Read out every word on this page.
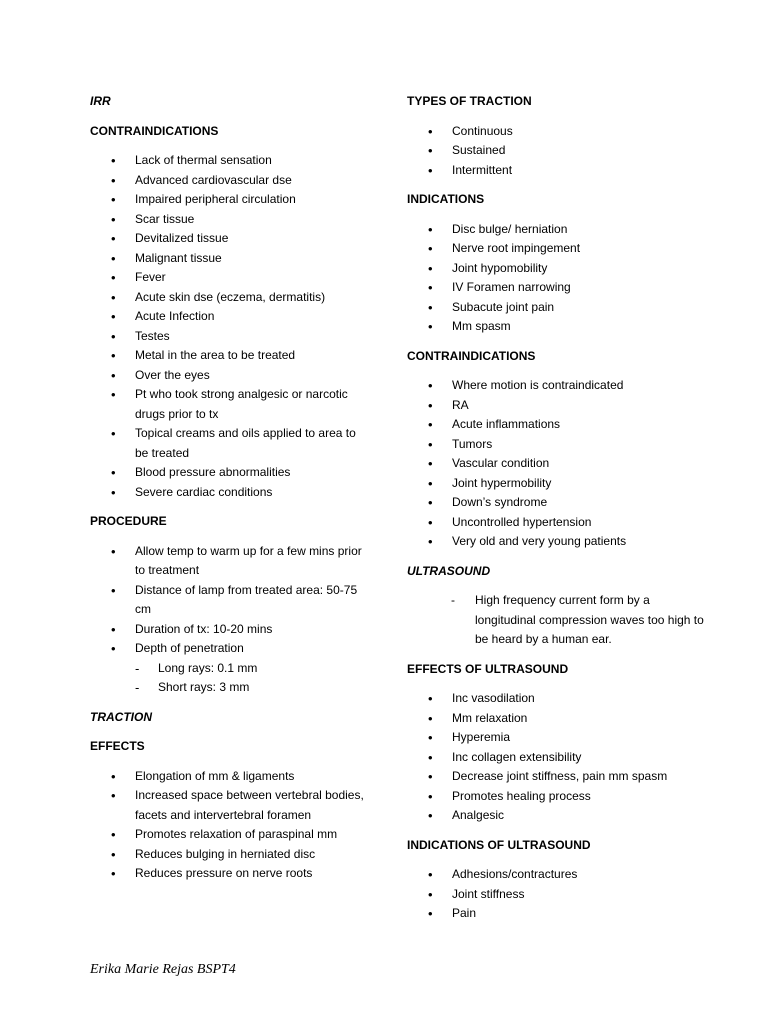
IRR
CONTRAINDICATIONS
• Lack of thermal sensation
• Advanced cardiovascular dse
• Impaired peripheral circulation
• Scar tissue
• Devitalized tissue
• Malignant tissue
• Fever
• Acute skin dse (eczema, dermatitis)
• Acute Infection
• Testes
• Metal in the area to be treated
• Over the eyes
• Pt who took strong analgesic or narcotic drugs prior to tx
• Topical creams and oils applied to area to be treated
• Blood pressure abnormalities
• Severe cardiac conditions
PROCEDURE
• Allow temp to warm up for a few mins prior to treatment
• Distance of lamp from treated area: 50-75 cm
• Duration of tx: 10-20 mins
• Depth of penetration
- Long rays: 0.1 mm
- Short rays: 3 mm
TRACTION
EFFECTS
• Elongation of mm & ligaments
• Increased space between vertebral bodies, facets and intervertebral foramen
• Promotes relaxation of paraspinal mm
• Reduces bulging in herniated disc
• Reduces pressure on nerve roots
TYPES OF TRACTION
• Continuous
• Sustained
• Intermittent
INDICATIONS
• Disc bulge/ herniation
• Nerve root impingement
• Joint hypomobility
• IV Foramen narrowing
• Subacute joint pain
• Mm spasm
CONTRAINDICATIONS
• Where motion is contraindicated
• RA
• Acute inflammations
• Tumors
• Vascular condition
• Joint hypermobility
• Down’s syndrome
• Uncontrolled hypertension
• Very old and very young patients
ULTRASOUND
- High frequency current form by a longitudinal compression waves too high to be heard by a human ear.
EFFECTS OF ULTRASOUND
• Inc vasodilation
• Mm relaxation
• Hyperemia
• Inc collagen extensibility
• Decrease joint stiffness, pain mm spasm
• Promotes healing process
• Analgesic
INDICATIONS OF ULTRASOUND
• Adhesions/contractures
• Joint stiffness
• Pain
Erika Marie Rejas BSPT4
